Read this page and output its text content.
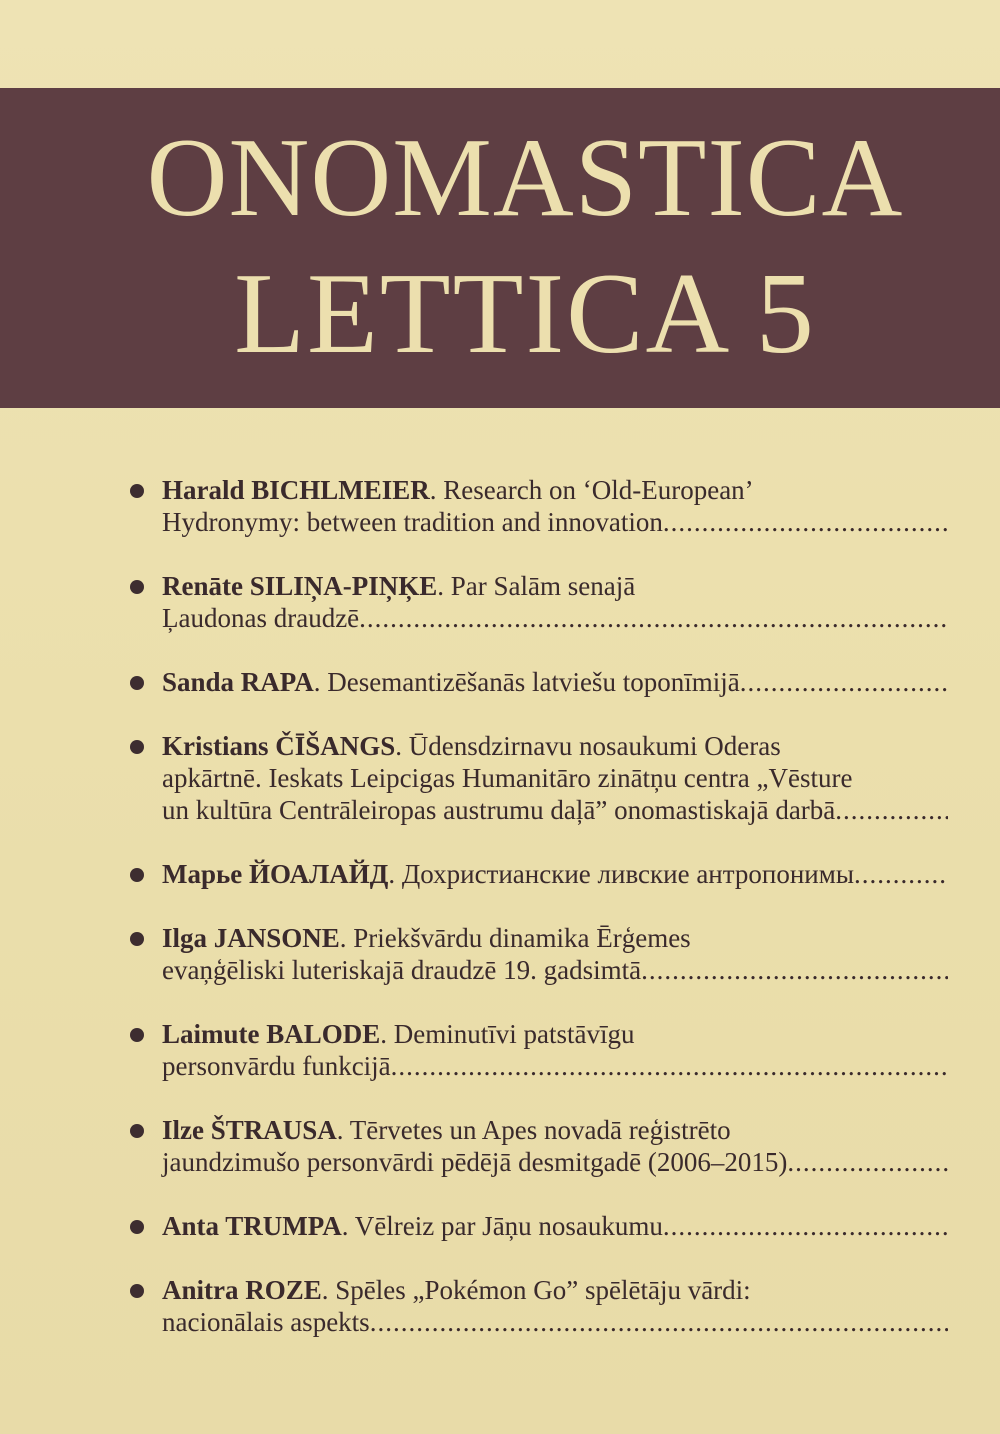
ONOMASTICA
LETTICA 5
Harald BICHLMEIER. Research on ‘Old-European’
Hydronymy: between tradition and innovation
.....
Renāte SILIŅA-PIŅĶE. Par Salām senajā
Ļaudonas draudzē
.....
Sanda RAPA. Desemantizēšanās latviešu toponīmijā
.....
Kristians ČĪŠANGS. Ūdensdzirnavu nosaukumi Oderas
apkārtnē. Ieskats Leipcigas Humanitāro zinātņu centra „Vēsture
un kultūra Centrāleiropas austrumu daļā” onomastiskajā darbā
.....
Марье ЙОАЛАЙД. Дохристианские ливские антропонимы
.....
Ilga JANSONE. Priekšvārdu dinamika Ērģemes
evaņģēliski luteriskajā draudzē 19. gadsimtā
.....
Laimute BALODE. Deminutīvi patstāvīgu
personvārdu funkcijā
.....
Ilze ŠTRAUSA. Tērvetes un Apes novadā reģistrēto
jaundzimušo personvārdi pēdējā desmitgadē (2006–2015)
.....
Anta TRUMPA. Vēlreiz par Jāņu nosaukumu
.....
Anitra ROZE. Spēles „Pokémon Go” spēlētāju vārdi:
nacionālais aspekts
.....
